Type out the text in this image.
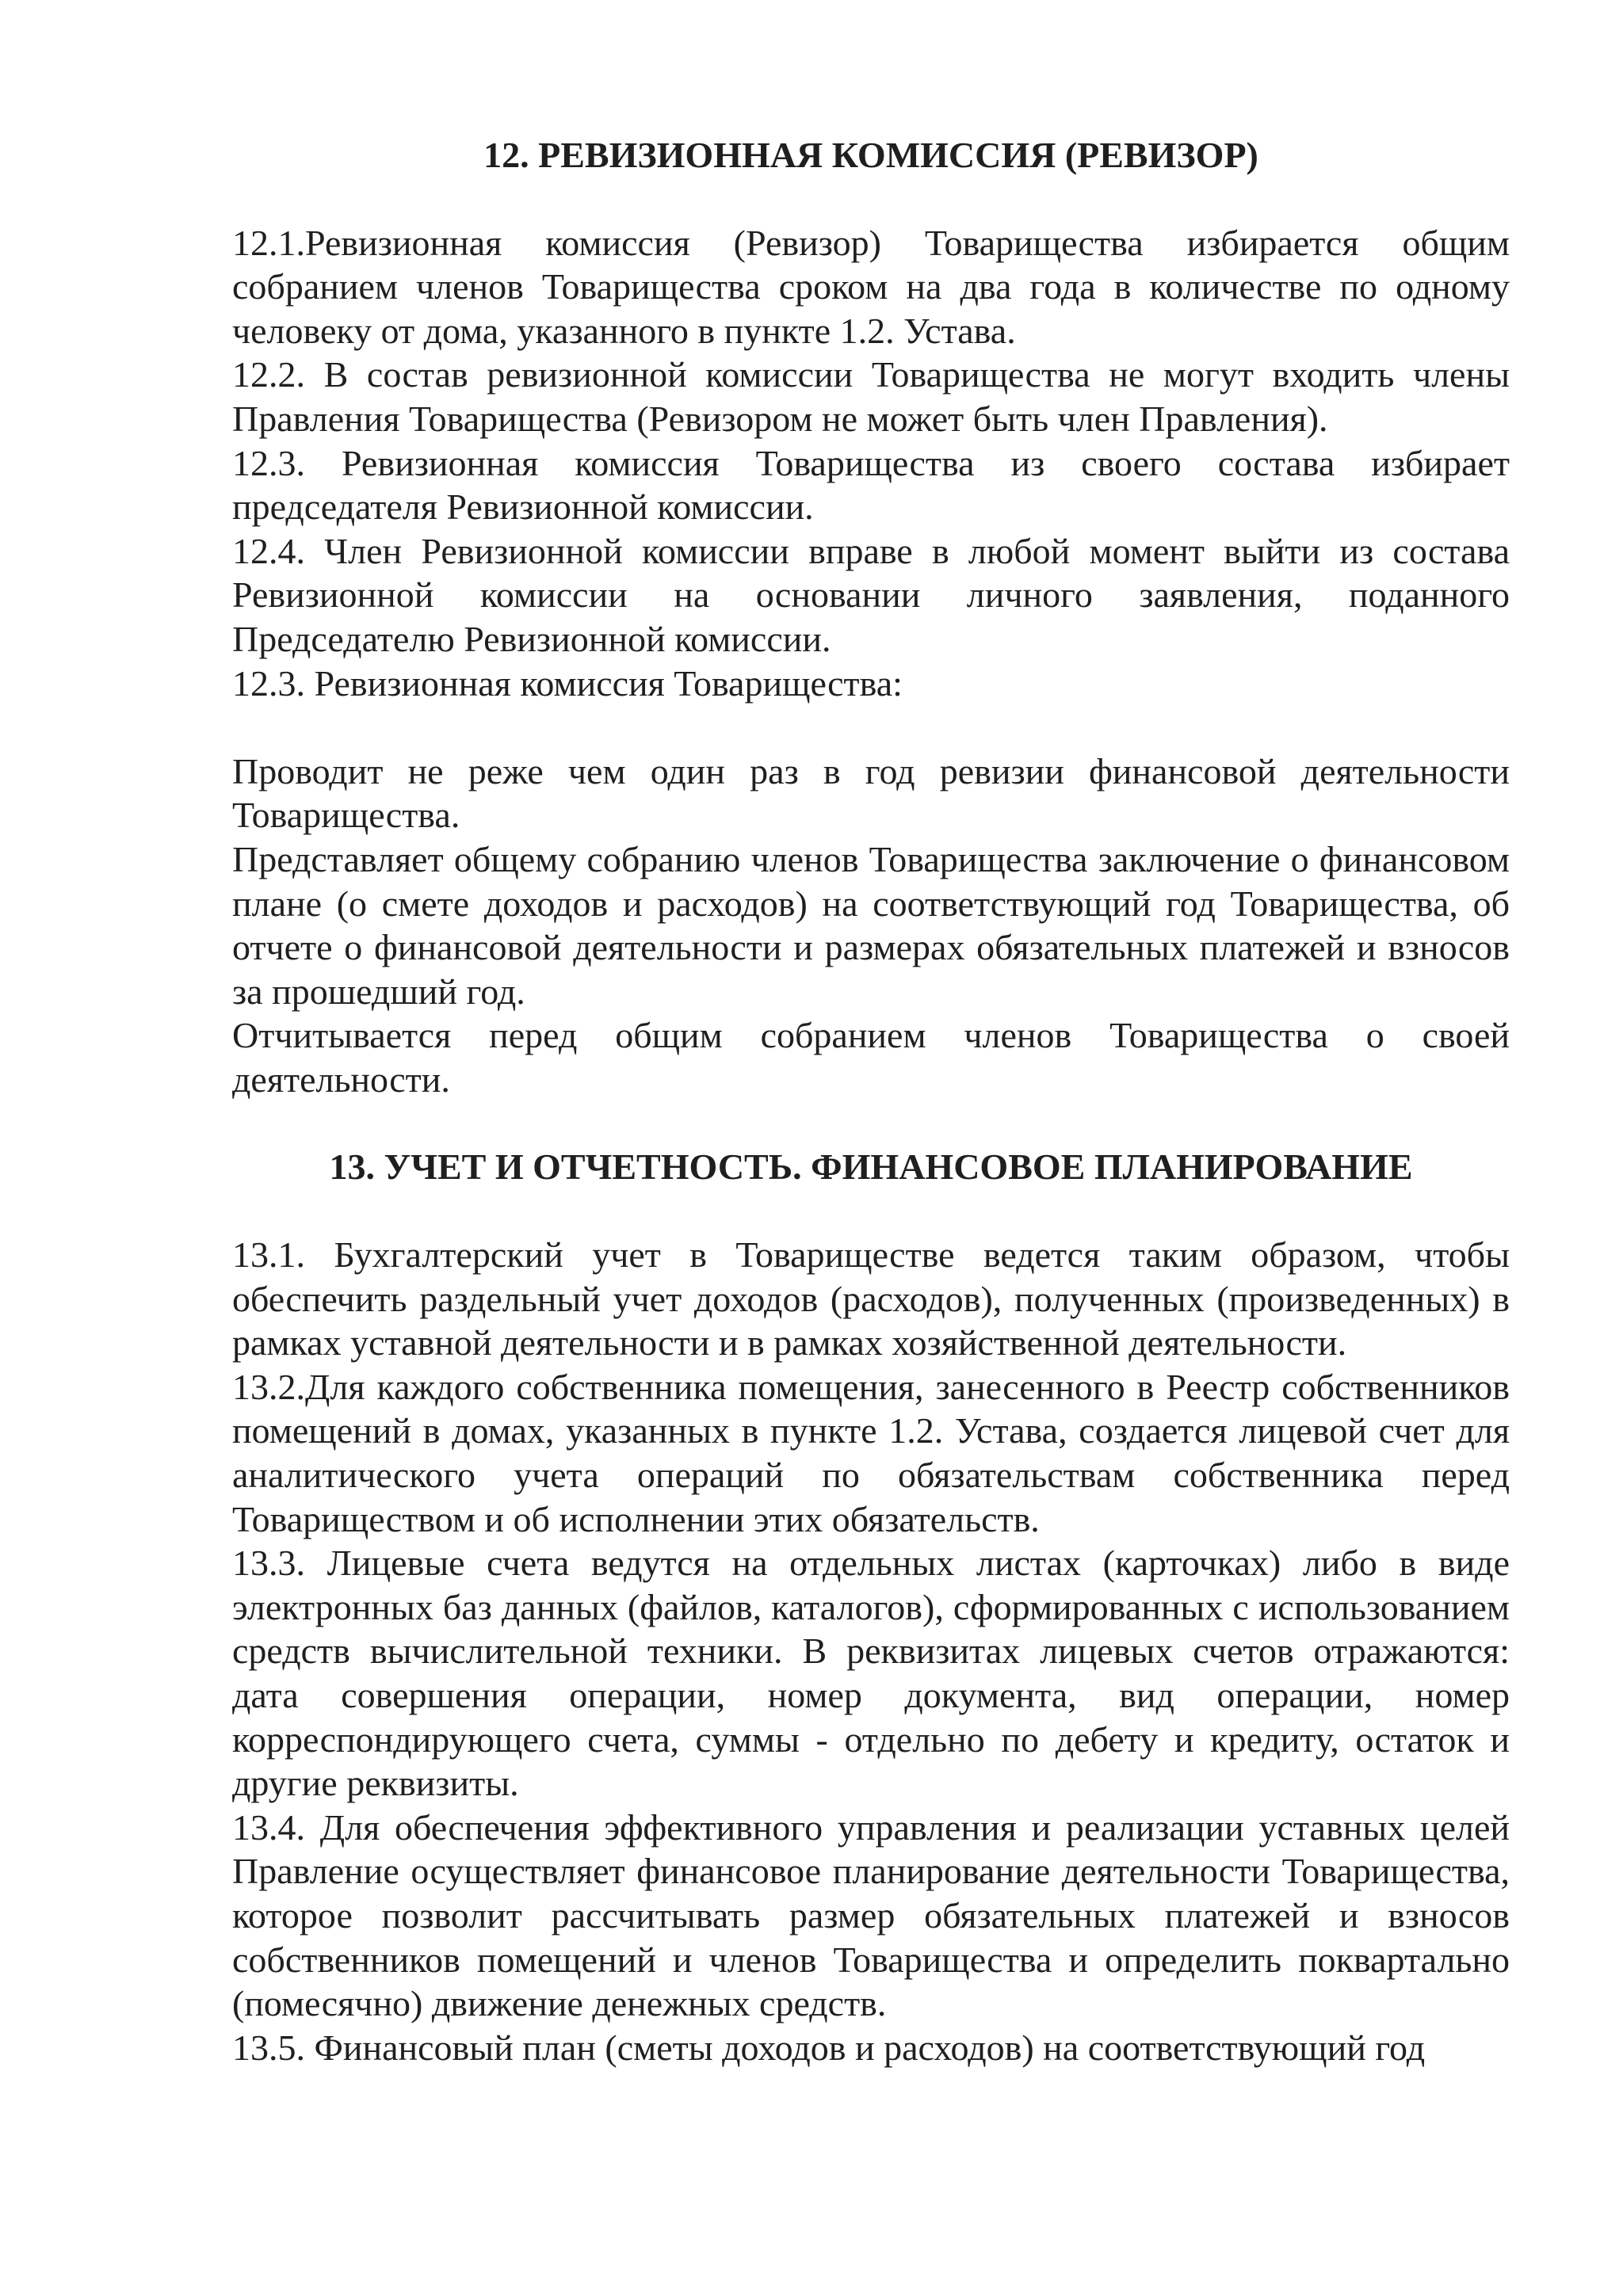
12. РЕВИЗИОННАЯ КОМИССИЯ (РЕВИЗОР)

12.1.Ревизионная комиссия (Ревизор) Товарищества избирается общим собранием членов Товарищества сроком на два года в количестве по одному человеку от дома, указанного в пункте 1.2. Устава.

12.2. В состав ревизионной комиссии Товарищества не могут входить члены Правления Товарищества (Ревизором не может быть член Правления).

12.3. Ревизионная комиссия Товарищества из своего состава избирает председателя Ревизионной комиссии.

12.4. Член Ревизионной комиссии вправе в любой момент выйти из состава Ревизионной комиссии на основании личного заявления, поданного Председателю Ревизионной комиссии.

12.3. Ревизионная комиссия Товарищества:

Проводит не реже чем один раз в год ревизии финансовой деятельности Товарищества.

Представляет общему собранию членов Товарищества заключение о финансовом плане (о смете доходов и расходов) на соответствующий год Товарищества, об отчете о финансовой деятельности и размерах обязательных платежей и взносов за прошедший год.

Отчитывается перед общим собранием членов Товарищества о своей деятельности.

13. УЧЕТ И ОТЧЕТНОСТЬ. ФИНАНСОВОЕ ПЛАНИРОВАНИЕ

13.1. Бухгалтерский учет в Товариществе ведется таким образом, чтобы обеспечить раздельный учет доходов (расходов), полученных (произведенных) в рамках уставной деятельности и в рамках хозяйственной деятельности.

13.2.Для каждого собственника помещения, занесенного в Реестр собственников помещений в домах, указанных в пункте 1.2. Устава, создается лицевой счет для аналитического учета операций по обязательствам собственника перед Товариществом и об исполнении этих обязательств.

13.3. Лицевые счета ведутся на отдельных листах (карточках) либо в виде электронных баз данных (файлов, каталогов), сформированных с использованием средств вычислительной техники. В реквизитах лицевых счетов отражаются: дата совершения операции, номер документа, вид операции, номер корреспондирующего счета, суммы - отдельно по дебету и кредиту, остаток и другие реквизиты.

13.4. Для обеспечения эффективного управления и реализации уставных целей Правление осуществляет финансовое планирование деятельности Товарищества, которое позволит рассчитывать размер обязательных платежей и взносов собственников помещений и членов Товарищества и определить поквартально (помесячно) движение денежных средств.

13.5. Финансовый план (сметы доходов и расходов) на соответствующий год
